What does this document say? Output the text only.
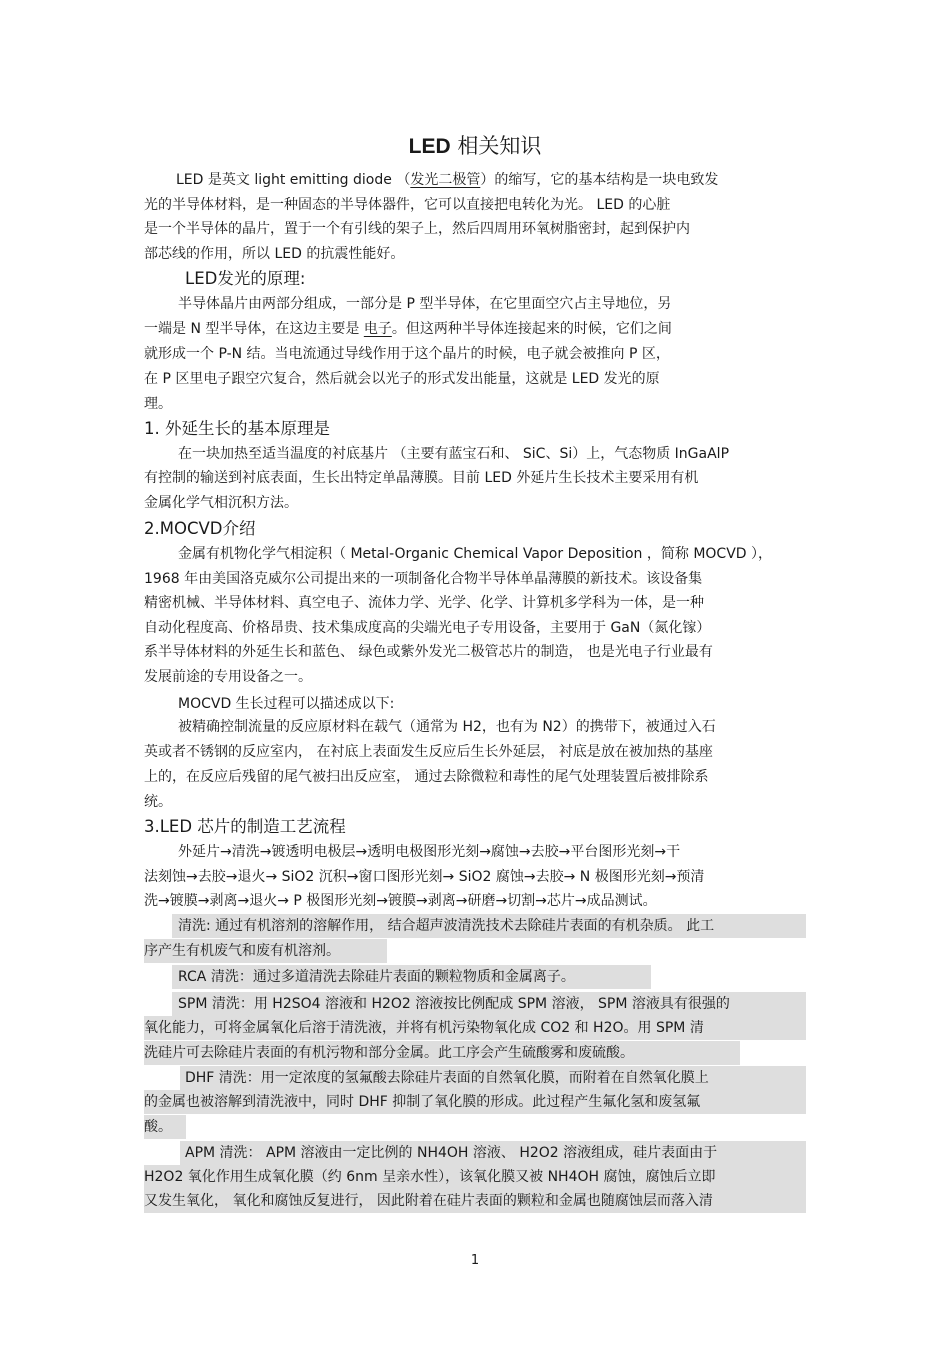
LED 相关知识
LED 是英文 light emitting diode （发光二极管）的缩写，它的基本结构是一块电致发
光的半导体材料，是一种固态的半导体器件，它可以直接把电转化为光。 LED 的心脏
是一个半导体的晶片，置于一个有引线的架子上，然后四周用环氧树脂密封，起到保护内
部芯线的作用，所以 LED 的抗震性能好。
LED发光的原理:
半导体晶片由两部分组成，一部分是 P 型半导体，在它里面空穴占主导地位，另
一端是 N 型半导体，在这边主要是 电子。但这两种半导体连接起来的时候，它们之间
就形成一个 P-N 结。当电流通过导线作用于这个晶片的时候，电子就会被推向 P 区，
在 P 区里电子跟空穴复合，然后就会以光子的形式发出能量，这就是 LED 发光的原
理。
1. 外延生长的基本原理是
在一块加热至适当温度的衬底基片 （主要有蓝宝石和、 SiC、Si）上，气态物质 InGaAlP
有控制的输送到衬底表面，生长出特定单晶薄膜。目前 LED 外延片生长技术主要采用有机
金属化学气相沉积方法。
2.MOCVD介绍
金属有机物化学气相淀积（ Metal-Organic Chemical Vapor Deposition ，简称 MOCVD ），
1968 年由美国洛克威尔公司提出来的一项制备化合物半导体单晶薄膜的新技术。该设备集
精密机械、半导体材料、真空电子、流体力学、光学、化学、计算机多学科为一体，是一种
自动化程度高、价格昂贵、技术集成度高的尖端光电子专用设备，主要用于 GaN（氮化镓）
系半导体材料的外延生长和蓝色、 绿色或紫外发光二极管芯片的制造， 也是光电子行业最有
发展前途的专用设备之一。
MOCVD 生长过程可以描述成以下:
被精确控制流量的反应原材料在载气（通常为 H2，也有为 N2）的携带下，被通过入石
英或者不锈钢的反应室内， 在衬底上表面发生反应后生长外延层， 衬底是放在被加热的基座
上的，在反应后残留的尾气被扫出反应室， 通过去除微粒和毒性的尾气处理装置后被排除系
统。
3.LED 芯片的制造工艺流程
外延片→清洗→镀透明电极层→透明电极图形光刻→腐蚀→去胶→平台图形光刻→干
法刻蚀→去胶→退火→ SiO2 沉积→窗口图形光刻→ SiO2 腐蚀→去胶→ N 极图形光刻→预清
洗→镀膜→剥离→退火→ P 极图形光刻→镀膜→剥离→研磨→切割→芯片→成品测试。
清洗: 通过有机溶剂的溶解作用， 结合超声波清洗技术去除硅片表面的有机杂质。 此工
序产生有机废气和废有机溶剂。
RCA 清洗：通过多道清洗去除硅片表面的颗粒物质和金属离子。
SPM 清洗：用 H2SO4 溶液和 H2O2 溶液按比例配成 SPM 溶液， SPM 溶液具有很强的
氧化能力，可将金属氧化后溶于清洗液，并将有机污染物氧化成 CO2 和 H2O。用 SPM 清
洗硅片可去除硅片表面的有机污物和部分金属。此工序会产生硫酸雾和废硫酸。
DHF 清洗：用一定浓度的氢氟酸去除硅片表面的自然氧化膜，而附着在自然氧化膜上
的金属也被溶解到清洗液中，同时 DHF 抑制了氧化膜的形成。此过程产生氟化氢和废氢氟
酸。
APM 清洗： APM 溶液由一定比例的 NH4OH 溶液、 H2O2 溶液组成，硅片表面由于
H2O2 氧化作用生成氧化膜（约 6nm 呈亲水性），该氧化膜又被 NH4OH 腐蚀，腐蚀后立即
又发生氧化， 氧化和腐蚀反复进行， 因此附着在硅片表面的颗粒和金属也随腐蚀层而落入清
1
